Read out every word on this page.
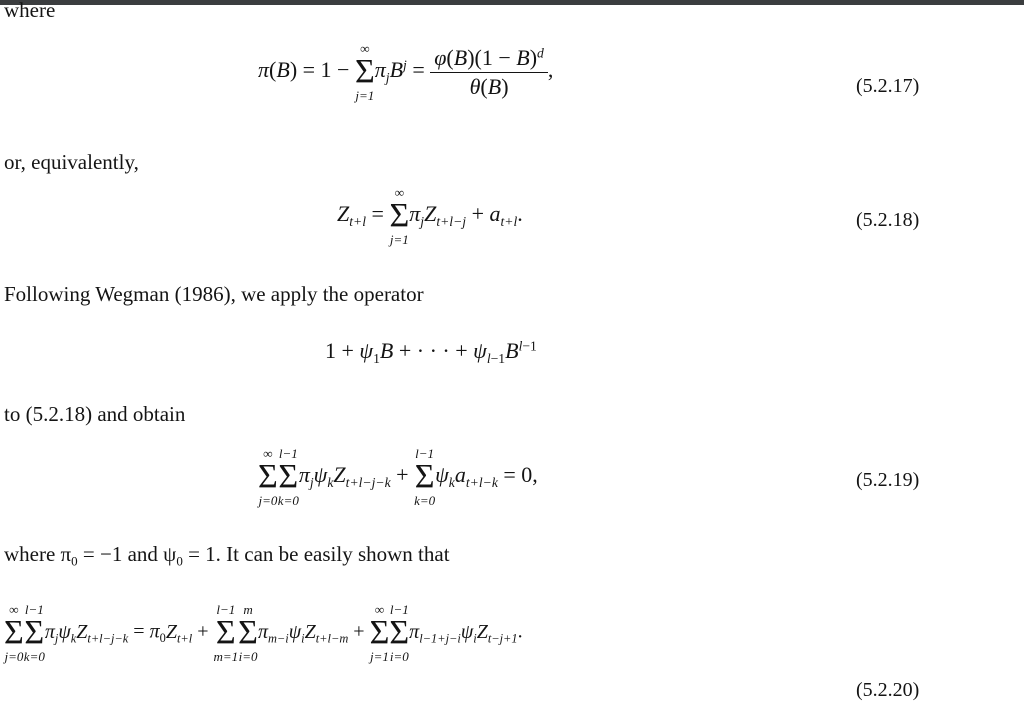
where
π(B) = 1 −
∞
Σ
j=1
$\pi_jB^j = \frac{\varphi(B)(1 - B)^d}{\theta(B)}$ ,
(5.2.17)
or, equivalently,
$Z_{t+l}$ =
∞
Σ
j=1
$\pi_jZ_{t+l-j} + a_{t+l}$.	(5.2.18)
Following Wegman (1986), we apply the operator
$1 + \psi_1B$ + · · · + $\psi_{l-1}B^{l-1}$
to (5.2.18) and obtain
∞
Σ
j=0
l−1
Σ
k=0
$\pi_j\psi_kZ_{t+l-j-k}$ +
l−1
Σ
k=0
$\psi_ka_{t+l-k} = 0$,	(5.2.19)
where $\pi_0 = -1$ and $\psi_0 = 1$. It can be easily shown that
∞
Σ
j=0
l−1
Σ
k=0
$\pi_j\psi_kZ_{t+l-j-k} = \pi_0Z_{t+l}$ +
l−1
Σ
m=1
m
Σ
i=0
$\pi_{m-i}\psi_iZ_{t+l-m}$ +
∞
Σ
j=1
l−1
Σ
i=0
$\pi_{l-1+j-i}\psi_iZ_{t-j+1}$.
(5.2.20)
